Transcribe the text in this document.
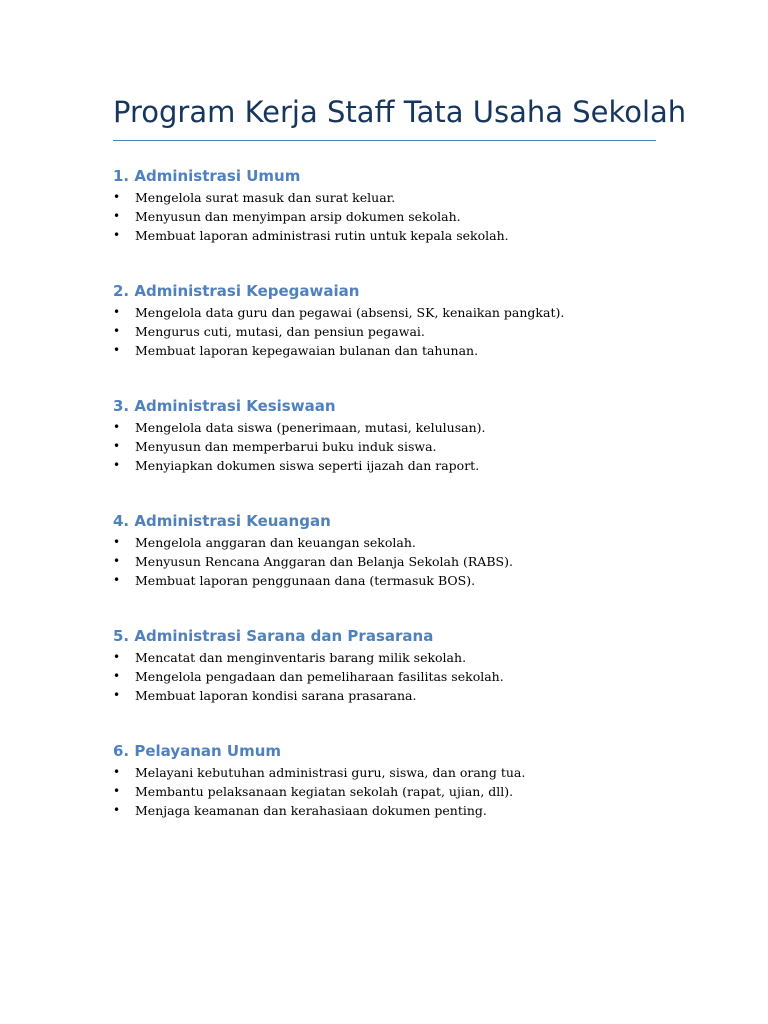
Program Kerja Staff Tata Usaha Sekolah
1. Administrasi Umum
• Mengelola surat masuk dan surat keluar.
• Menyusun dan menyimpan arsip dokumen sekolah.
• Membuat laporan administrasi rutin untuk kepala sekolah.
2. Administrasi Kepegawaian
• Mengelola data guru dan pegawai (absensi, SK, kenaikan pangkat).
• Mengurus cuti, mutasi, dan pensiun pegawai.
• Membuat laporan kepegawaian bulanan dan tahunan.
3. Administrasi Kesiswaan
• Mengelola data siswa (penerimaan, mutasi, kelulusan).
• Menyusun dan memperbarui buku induk siswa.
• Menyiapkan dokumen siswa seperti ijazah dan raport.
4. Administrasi Keuangan
• Mengelola anggaran dan keuangan sekolah.
• Menyusun Rencana Anggaran dan Belanja Sekolah (RABS).
• Membuat laporan penggunaan dana (termasuk BOS).
5. Administrasi Sarana dan Prasarana
• Mencatat dan menginventaris barang milik sekolah.
• Mengelola pengadaan dan pemeliharaan fasilitas sekolah.
• Membuat laporan kondisi sarana prasarana.
6. Pelayanan Umum
• Melayani kebutuhan administrasi guru, siswa, dan orang tua.
• Membantu pelaksanaan kegiatan sekolah (rapat, ujian, dll).
• Menjaga keamanan dan kerahasiaan dokumen penting.
